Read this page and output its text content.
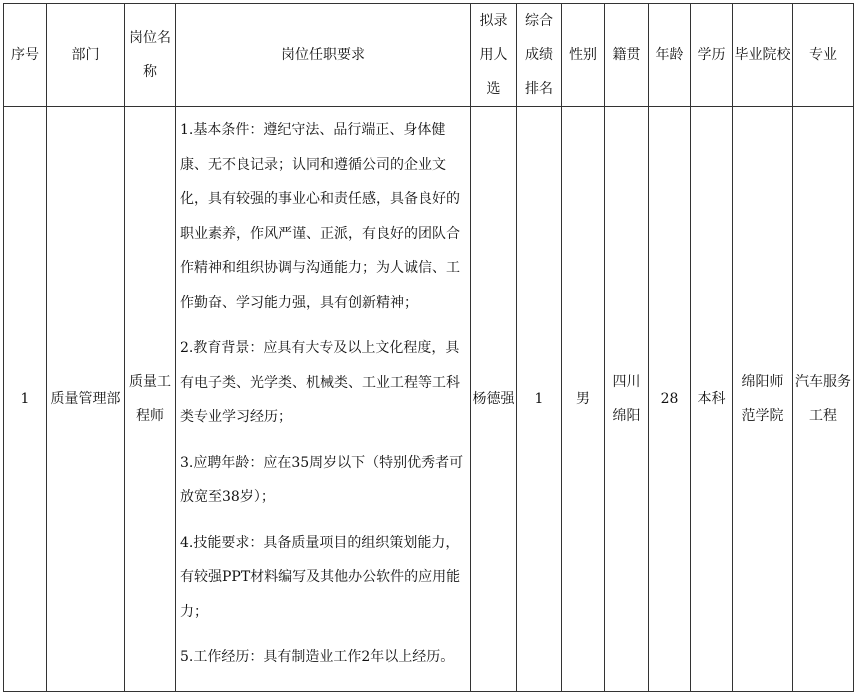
序号	部门	岗位名称	岗位任职要求	拟录用人选	综合成绩排名	性别	籍贯	年龄	学历	毕业院校	专业
1	质量管理部	质量工程师	1.基本条件：遵纪守法、品行端正、身体健康、无不良记录；认同和遵循公司的企业文化，具有较强的事业心和责任感，具备良好的职业素养，作风严谨、正派，有良好的团队合作精神和组织协调与沟通能力；为人诚信、工作勤奋、学习能力强，具有创新精神；

2.教育背景：应具有大专及以上文化程度，具有电子类、光学类、机械类、工业工程等工科类专业学习经历；

3.应聘年龄：应在35周岁以下（特别优秀者可放宽至38岁）；

4.技能要求：具备质量项目的组织策划能力，有较强PPT材料编写及其他办公软件的应用能力；

5.工作经历：具有制造业工作2年以上经历。	杨德强	1	男	四川绵阳	28	本科	绵阳师范学院	汽车服务工程
